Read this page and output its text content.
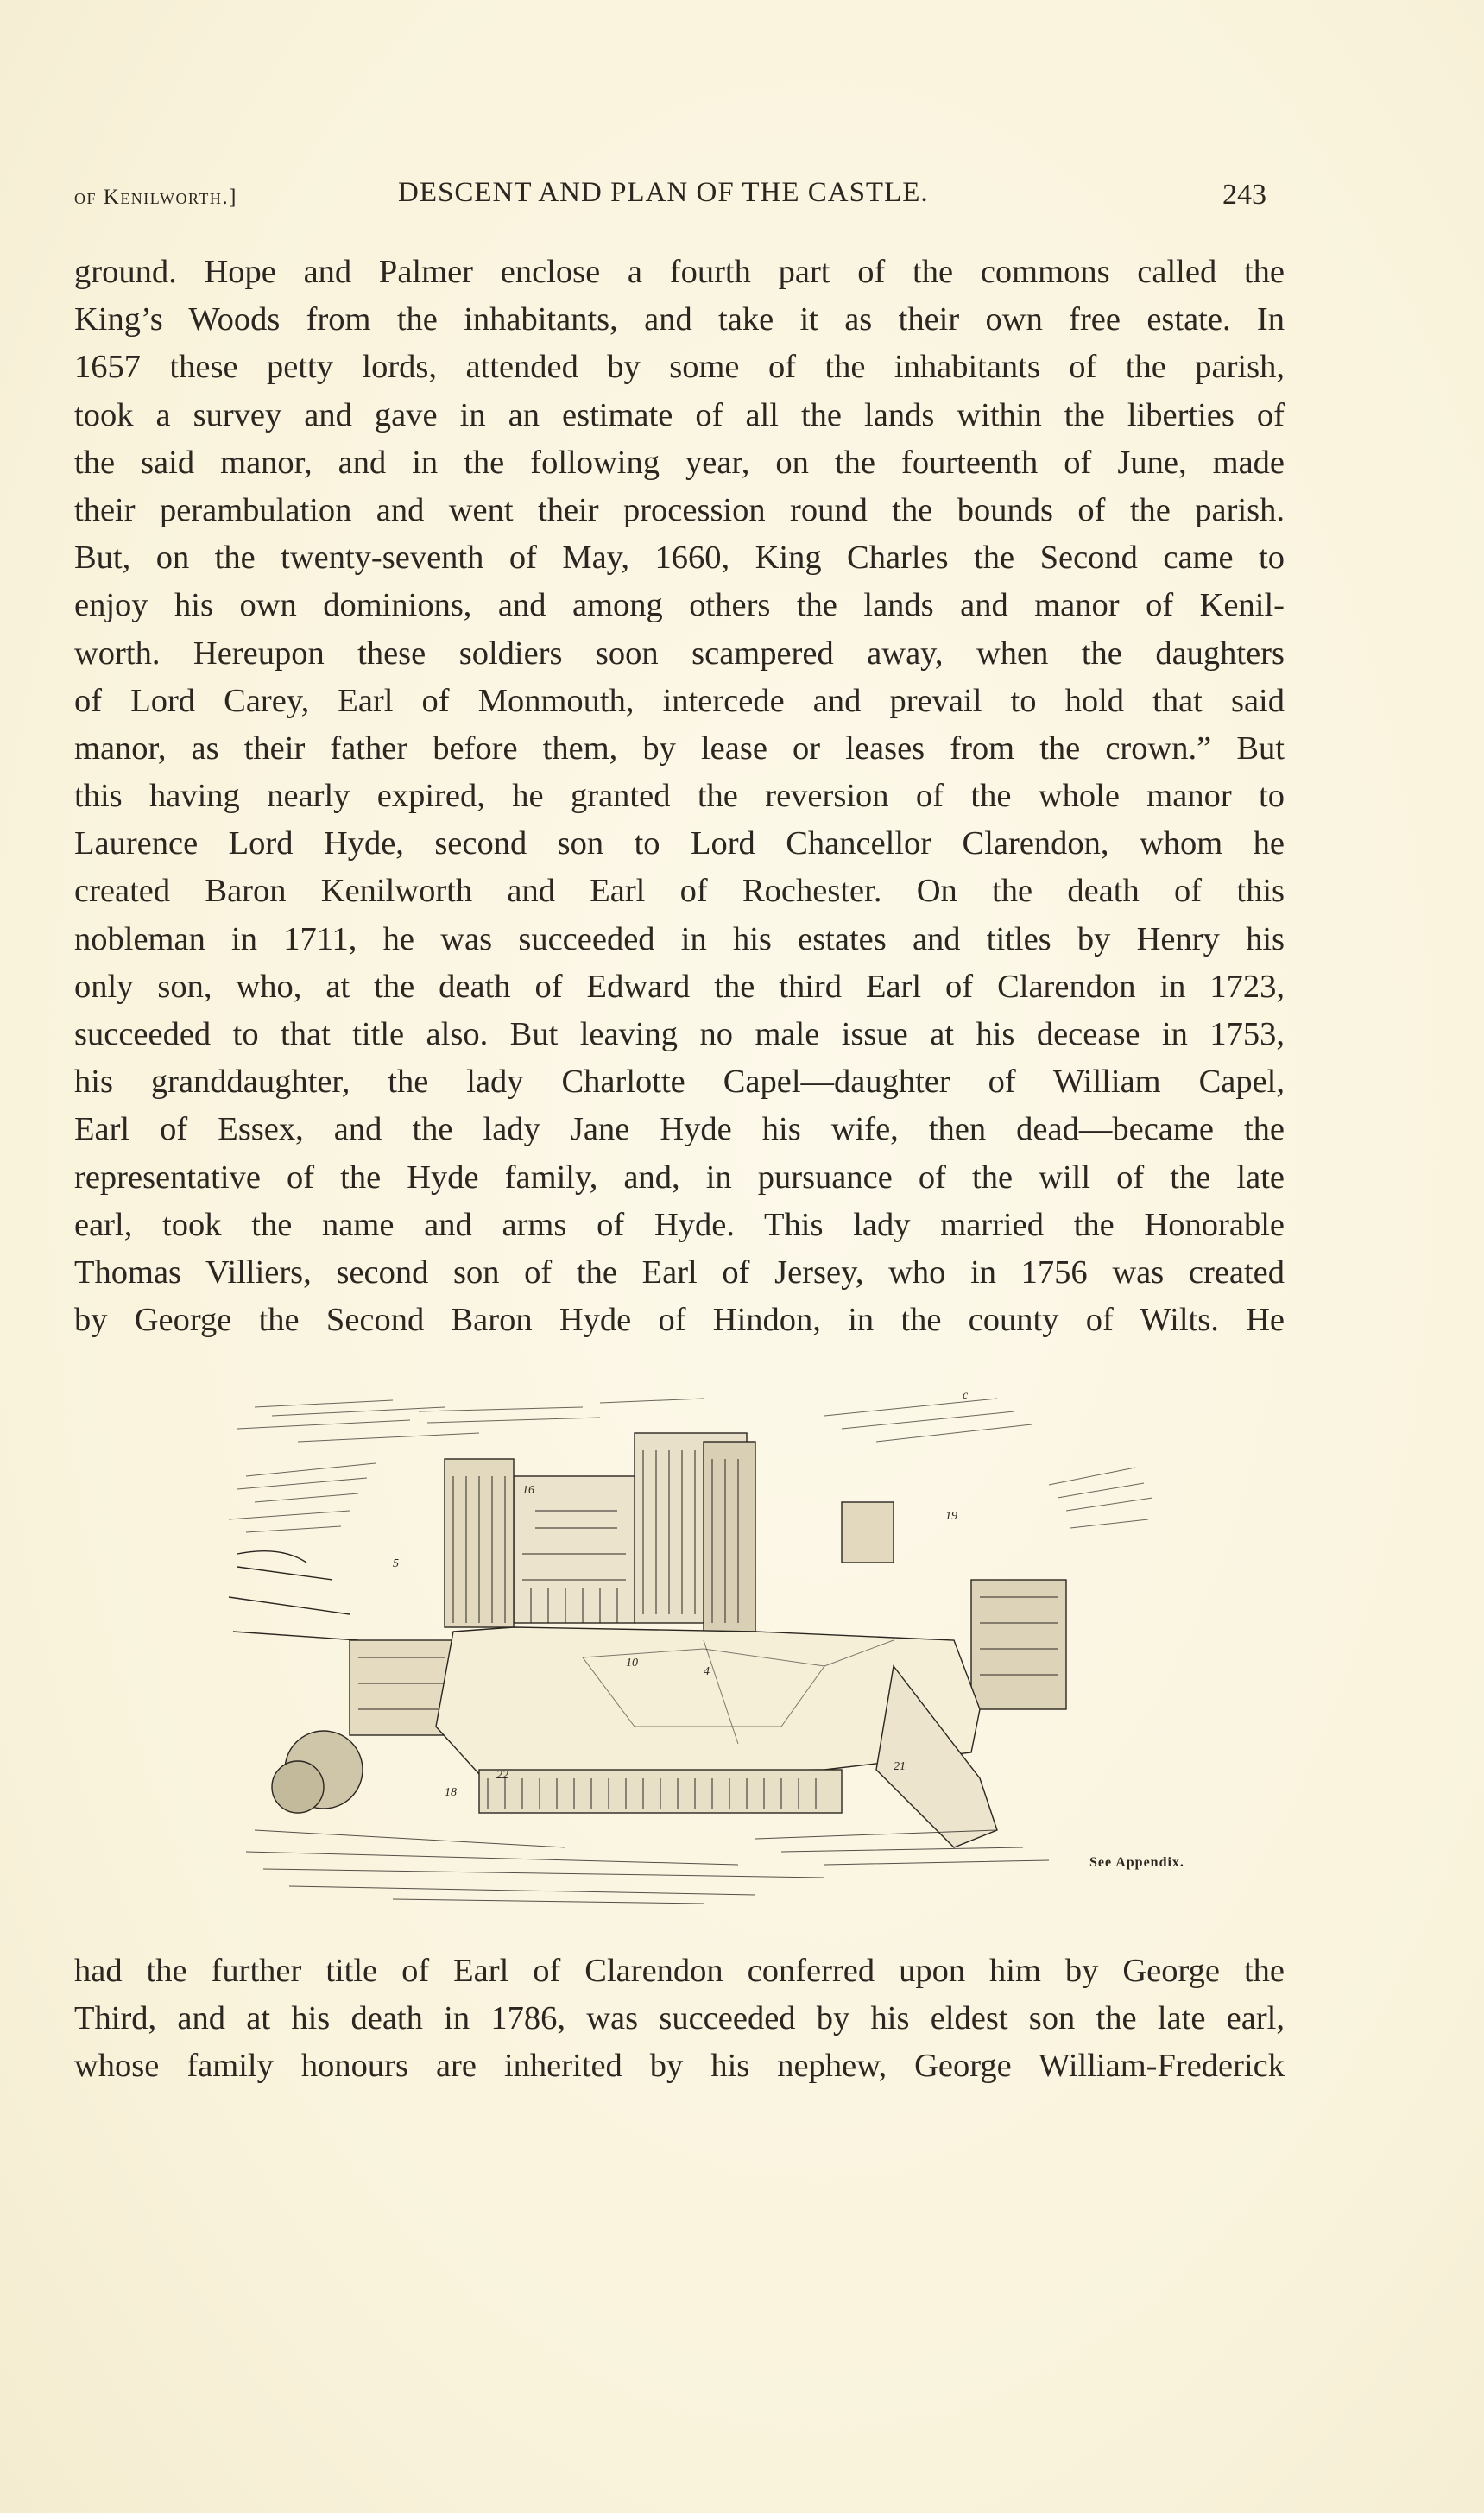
of Kenilworth.]	DESCENT AND PLAN OF THE CASTLE.	243
ground. Hope and Palmer enclose a fourth part of the commons called the
King’s Woods from the inhabitants, and take it as their own free estate. In
1657 these petty lords, attended by some of the inhabitants of the parish,
took a survey and gave in an estimate of all the lands within the liberties of
the said manor, and in the following year, on the fourteenth of June, made
their perambulation and went their procession round the bounds of the parish.
But, on the twenty-seventh of May, 1660, King Charles the Second came to
enjoy his own dominions, and among others the lands and manor of Kenil-
worth. Hereupon these soldiers soon scampered away, when the daughters
of Lord Carey, Earl of Monmouth, intercede and prevail to hold that said
manor, as their father before them, by lease or leases from the crown.” But
this having nearly expired, he granted the reversion of the whole manor to
Laurence Lord Hyde, second son to Lord Chancellor Clarendon, whom he
created Baron Kenilworth and Earl of Rochester. On the death of this
nobleman in 1711, he was succeeded in his estates and titles by Henry his
only son, who, at the death of Edward the third Earl of Clarendon in 1723,
succeeded to that title also. But leaving no male issue at his decease in 1753,
his granddaughter, the lady Charlotte Capel—daughter of William Capel,
Earl of Essex, and the lady Jane Hyde his wife, then dead—became the
representative of the Hyde family, and, in pursuance of the will of the late
earl, took the name and arms of Hyde. This lady married the Honorable
Thomas Villiers, second son of the Earl of Jersey, who in 1756 was created
by George the Second Baron Hyde of Hindon, in the county of Wilts. He
c
16
5
10
4
22
21
18
19
See Appendix.
had the further title of Earl of Clarendon conferred upon him by George the
Third, and at his death in 1786, was succeeded by his eldest son the late earl,
whose family honours are inherited by his nephew, George William-Frederick
